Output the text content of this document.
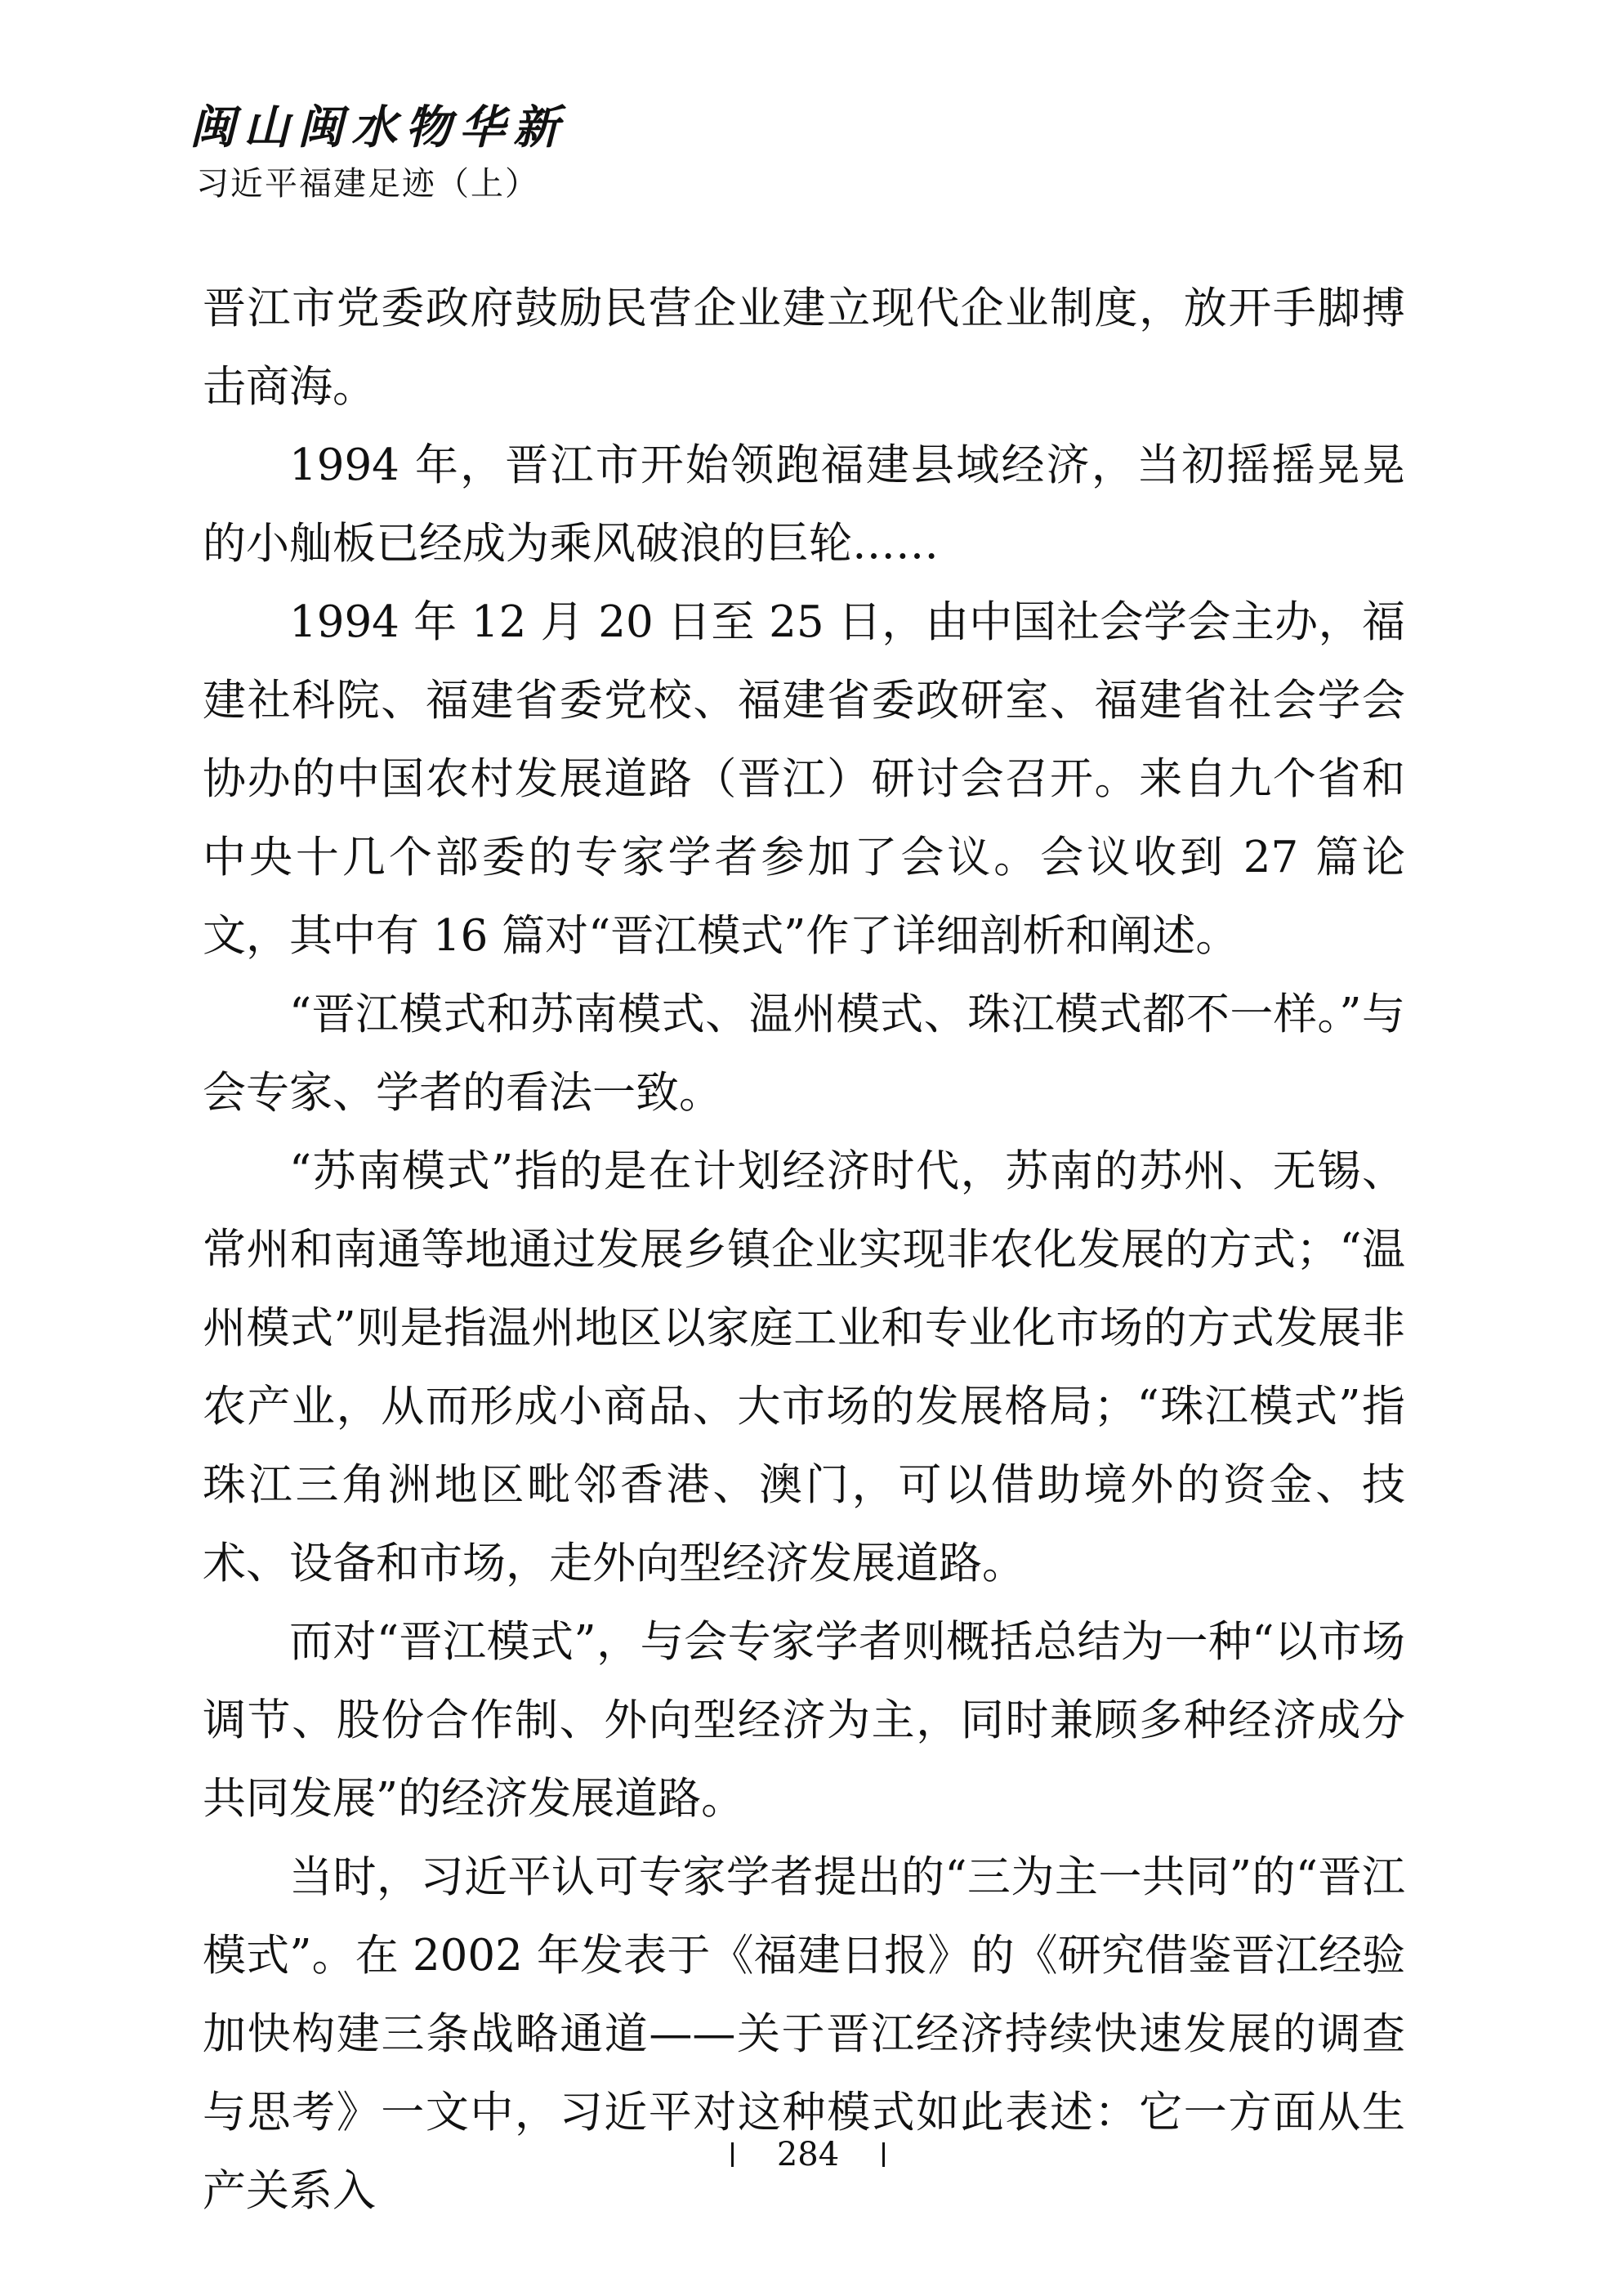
闽山闽水物华新
习近平福建足迹（上）

晋江市党委政府鼓励民营企业建立现代企业制度，放开手脚搏击商海。

1994 年，晋江市开始领跑福建县域经济，当初摇摇晃晃的小舢板已经成为乘风破浪的巨轮……

1994 年 12 月 20 日至 25 日，由中国社会学会主办，福建社科院、福建省委党校、福建省委政研室、福建省社会学会协办的中国农村发展道路（晋江）研讨会召开。来自九个省和中央十几个部委的专家学者参加了会议。会议收到 27 篇论文，其中有 16 篇对“晋江模式”作了详细剖析和阐述。

“晋江模式和苏南模式、温州模式、珠江模式都不一样。”与会专家、学者的看法一致。

“苏南模式”指的是在计划经济时代，苏南的苏州、无锡、常州和南通等地通过发展乡镇企业实现非农化发展的方式；“温州模式”则是指温州地区以家庭工业和专业化市场的方式发展非农产业，从而形成小商品、大市场的发展格局；“珠江模式”指珠江三角洲地区毗邻香港、澳门，可以借助境外的资金、技术、设备和市场，走外向型经济发展道路。

而对“晋江模式”，与会专家学者则概括总结为一种“以市场调节、股份合作制、外向型经济为主，同时兼顾多种经济成分共同发展”的经济发展道路。

当时，习近平认可专家学者提出的“三为主一共同”的“晋江模式”。在 2002 年发表于《福建日报》的《研究借鉴晋江经验　加快构建三条战略通道——关于晋江经济持续快速发展的调查与思考》一文中，习近平对这种模式如此表述：它一方面从生产关系入

284
